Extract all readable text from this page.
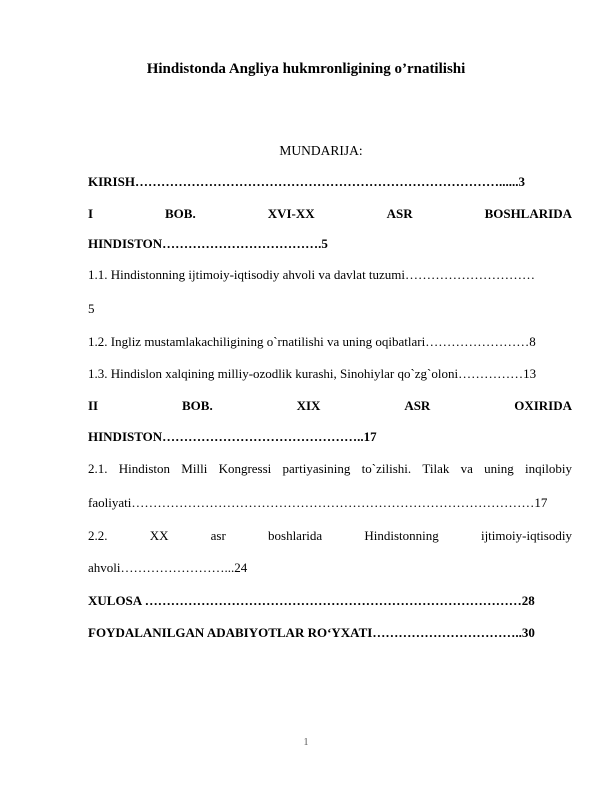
Hindistonda Angliya hukmronligining o’rnatilishi
MUNDARIJA:
KIRISH…………………………………………………………………………......3
I	BOB.	XVI-XX	ASR	BOSHLARIDA
HINDISTON……………………………….5
1.1. Hindistonning ijtimoiy-iqtisodiy ahvoli va davlat tuzumi…………………………
5
1.2. Ingliz mustamlakachiligining o`rnatilishi va uning oqibatlari……………………8
1.3. Hindislon xalqining milliy-ozodlik kurashi, Sinohiylar qo`zg`oloni……………13
II	BOB.	XIX	ASR	OXIRIDA
HINDISTON………………………………………..17
2.1. Hindiston Milli Kongressi partiyasining to`zilishi. Tilak va uning inqilobiy
faoliyati…………………………………………………………………………………17
2.2.	XX	asr	boshlarida	Hindistonning	ijtimoiy-iqtisodiy
ahvoli……………………...24
XULOSA ……………………………………………………………………………28
FOYDALANILGAN ADABIYOTLAR RO‘YXATI……………………………..30
1
